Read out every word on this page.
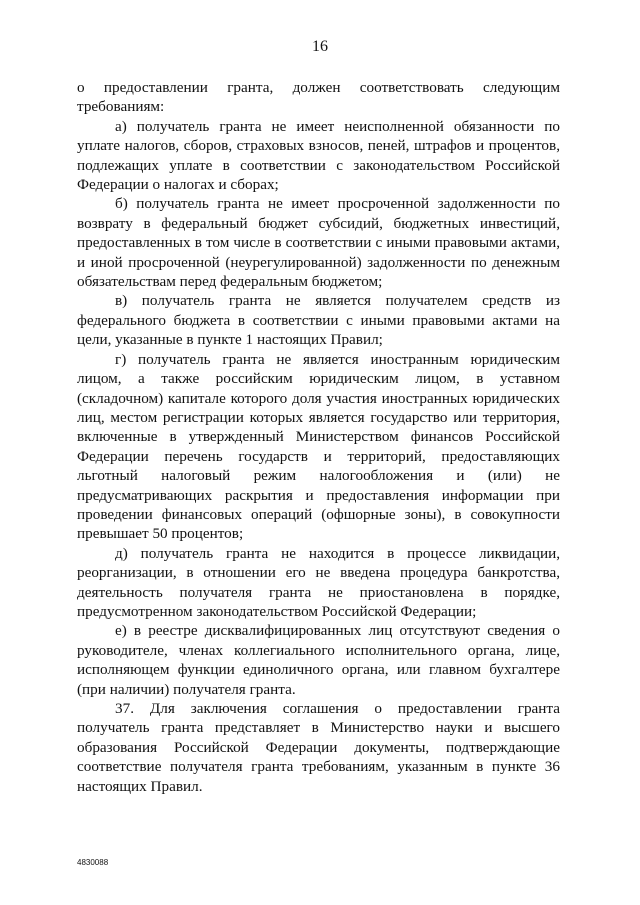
16

о предоставлении гранта, должен соответствовать следующим требованиям:

а) получатель гранта не имеет неисполненной обязанности по уплате налогов, сборов, страховых взносов, пеней, штрафов и процентов, подлежащих уплате в соответствии с законодательством Российской Федерации о налогах и сборах;

б) получатель гранта не имеет просроченной задолженности по возврату в федеральный бюджет субсидий, бюджетных инвестиций, предоставленных в том числе в соответствии с иными правовыми актами, и иной просроченной (неурегулированной) задолженности по денежным обязательствам перед федеральным бюджетом;

в) получатель гранта не является получателем средств из федерального бюджета в соответствии с иными правовыми актами на цели, указанные в пункте 1 настоящих Правил;

г) получатель гранта не является иностранным юридическим лицом, а также российским юридическим лицом, в уставном (складочном) капитале которого доля участия иностранных юридических лиц, местом регистрации которых является государство или территория, включенные в утвержденный Министерством финансов Российской Федерации перечень государств и территорий, предоставляющих льготный налоговый режим налогообложения и (или) не предусматривающих раскрытия и предоставления информации при проведении финансовых операций (офшорные зоны), в совокупности превышает 50 процентов;

д) получатель гранта не находится в процессе ликвидации, реорганизации, в отношении его не введена процедура банкротства, деятельность получателя гранта не приостановлена в порядке, предусмотренном законодательством Российской Федерации;

е) в реестре дисквалифицированных лиц отсутствуют сведения о руководителе, членах коллегиального исполнительного органа, лице, исполняющем функции единоличного органа, или главном бухгалтере (при наличии) получателя гранта.

37. Для заключения соглашения о предоставлении гранта получатель гранта представляет в Министерство науки и высшего образования Российской Федерации документы, подтверждающие соответствие получателя гранта требованиям, указанным в пункте 36 настоящих Правил.

4830088
